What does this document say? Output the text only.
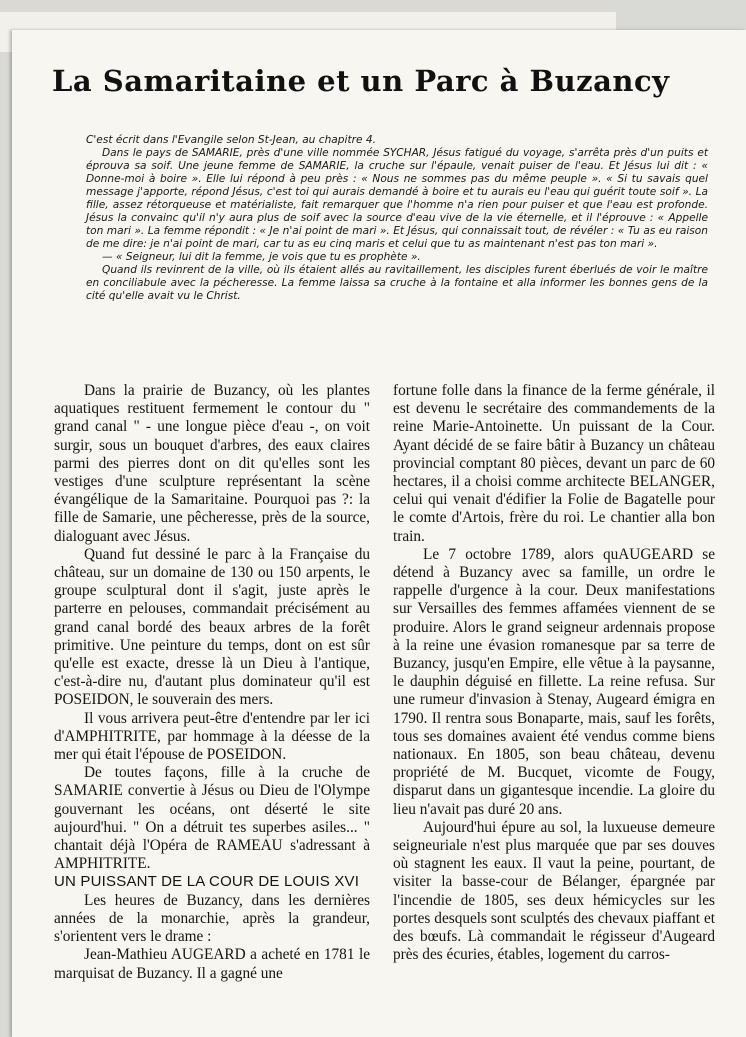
La Samaritaine et un Parc à Buzancy

C'est écrit dans l'Evangile selon St-Jean, au chapitre 4.

Dans le pays de SAMARIE, près d'une ville nommée SYCHAR, Jésus fatigué du voyage, s'arrêta près d'un puits et éprouva sa soif. Une jeune femme de SAMARIE, la cruche sur l'épaule, venait puiser de l'eau. Et Jésus lui dit : « Donne-moi à boire ». Elle lui répond à peu près : « Nous ne sommes pas du même peuple ». « Si tu savais quel message j'apporte, répond Jésus, c'est toi qui aurais demandé à boire et tu aurais eu l'eau qui guérit toute soif ». La fille, assez rétorqueuse et matérialiste, fait remarquer que l'homme n'a rien pour puiser et que l'eau est profonde. Jésus la convainc qu'il n'y aura plus de soif avec la source d'eau vive de la vie éternelle, et il l'éprouve : « Appelle ton mari ». La femme répondit : « Je n'ai point de mari ». Et Jésus, qui connaissait tout, de révéler : « Tu as eu raison de me dire: je n'ai point de mari, car tu as eu cinq maris et celui que tu as maintenant n'est pas ton mari ».

— « Seigneur, lui dit la femme, je vois que tu es prophète ».

Quand ils revinrent de la ville, où ils étaient allés au ravitaillement, les disciples furent éberlués de voir le maître en conciliabule avec la pécheresse. La femme laissa sa cruche à la fontaine et alla informer les bonnes gens de la cité qu'elle avait vu le Christ.

Dans la prairie de Buzancy, où les plantes aquatiques restituent fermement le contour du " grand canal " - une longue pièce d'eau -, on voit surgir, sous un bouquet d'arbres, des eaux claires parmi des pierres dont on dit qu'elles sont les vestiges d'une sculpture représentant la scène évangélique de la Samaritaine. Pourquoi pas ?: la fille de Samarie, une pêcheresse, près de la source, dialoguant avec Jésus.

Quand fut dessiné le parc à la Française du château, sur un domaine de 130 ou 150 arpents, le groupe sculptural dont il s'agit, juste après le parterre en pelouses, commandait précisément au grand canal bordé des beaux arbres de la forêt primitive. Une peinture du temps, dont on est sûr qu'elle est exacte, dresse là un Dieu à l'antique, c'est-à-dire nu, d'autant plus dominateur qu'il est POSEIDON, le souverain des mers.

Il vous arrivera peut-être d'entendre par ler ici d'AMPHITRITE, par hommage à la déesse de la mer qui était l'épouse de POSEIDON.

De toutes façons, fille à la cruche de SAMARIE convertie à Jésus ou Dieu de l'Olympe gouvernant les océans, ont déserté le site aujourd'hui. " On a détruit tes superbes asiles... " chantait déjà l'Opéra de RAMEAU s'adressant à AMPHITRITE.

UN PUISSANT DE LA COUR DE LOUIS XVI

Les heures de Buzancy, dans les dernières années de la monarchie, après la grandeur, s'orientent vers le drame :

Jean-Mathieu AUGEARD a acheté en 1781 le marquisat de Buzancy. Il a gagné une

fortune folle dans la finance de la ferme générale, il est devenu le secrétaire des commandements de la reine Marie-Antoinette. Un puissant de la Cour. Ayant décidé de se faire bâtir à Buzancy un château provincial comptant 80 pièces, devant un parc de 60 hectares, il a choisi comme architecte BELANGER, celui qui venait d'édifier la Folie de Bagatelle pour le comte d'Artois, frère du roi. Le chantier alla bon train.

Le 7 octobre 1789, alors quAUGEARD se détend à Buzancy avec sa famille, un ordre le rappelle d'urgence à la cour. Deux manifestations sur Versailles des femmes affamées viennent de se produire. Alors le grand seigneur ardennais propose à la reine une évasion romanesque par sa terre de Buzancy, jusqu'en Empire, elle vêtue à la paysanne, le dauphin déguisé en fillette. La reine refusa. Sur une rumeur d'invasion à Stenay, Augeard émigra en 1790. Il rentra sous Bonaparte, mais, sauf les forêts, tous ses domaines avaient été vendus comme biens nationaux. En 1805, son beau château, devenu propriété de M. Bucquet, vicomte de Fougy, disparut dans un gigantesque incendie. La gloire du lieu n'avait pas duré 20 ans.

Aujourd'hui épure au sol, la luxueuse demeure seigneuriale n'est plus marquée que par ses douves où stagnent les eaux. Il vaut la peine, pourtant, de visiter la basse-cour de Bélanger, épargnée par l'incendie de 1805, ses deux hémicycles sur les portes desquels sont sculptés des chevaux piaffant et des bœufs. Là commandait le régisseur d'Augeard près des écuries, étables, logement du carros-
